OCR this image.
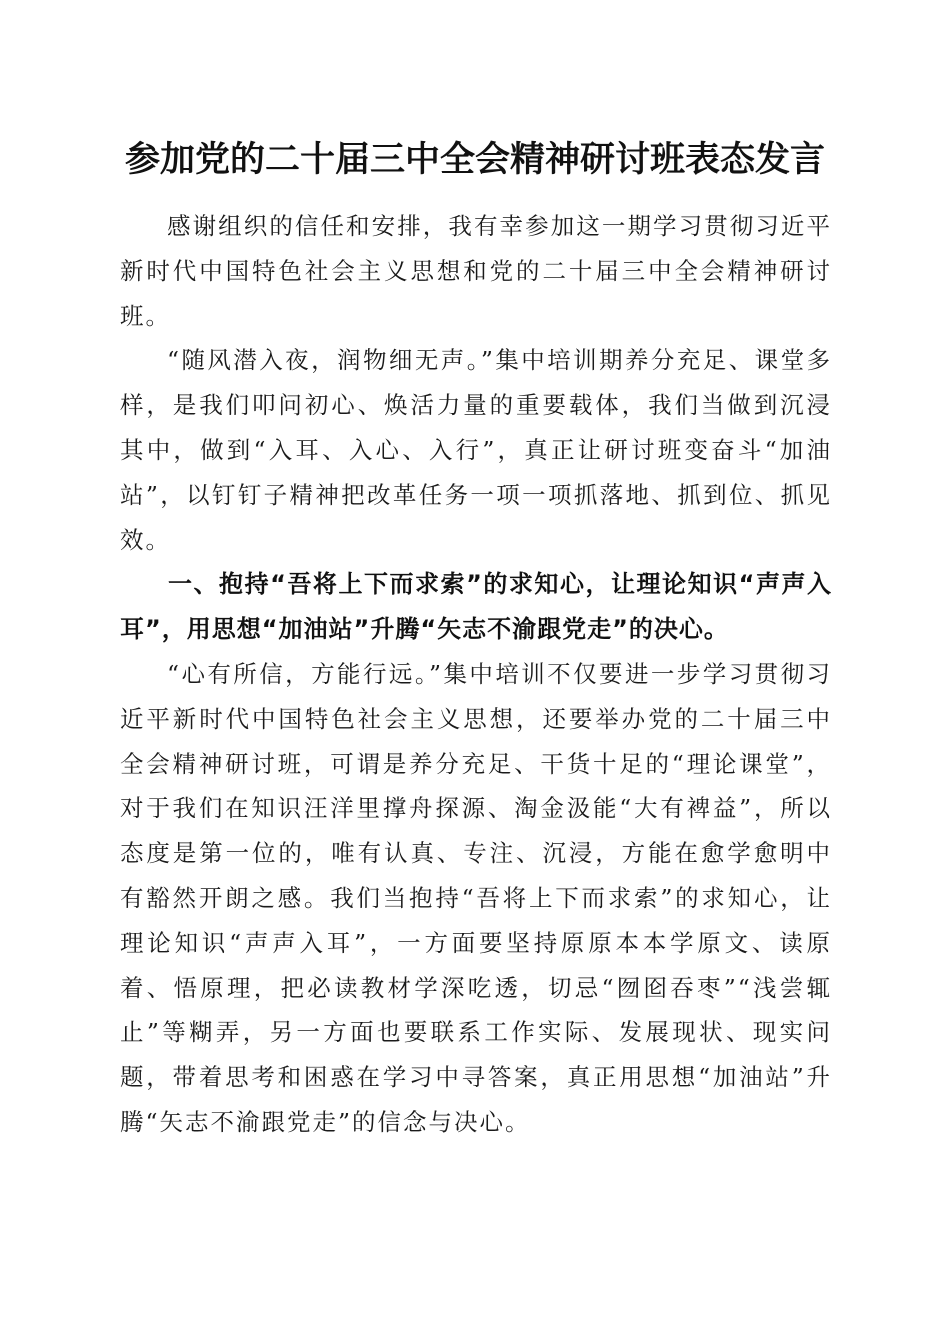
参加党的二十届三中全会精神研讨班表态发言

感谢组织的信任和安排，我有幸参加这一期学习贯彻习近平新时代中国特色社会主义思想和党的二十届三中全会精神研讨班。

“随风潜入夜，润物细无声。”集中培训期养分充足、课堂多样，是我们叩问初心、焕活力量的重要载体，我们当做到沉浸其中，做到“入耳、入心、入行”，真正让研讨班变奋斗“加油站”，以钉钉子精神把改革任务一项一项抓落地、抓到位、抓见效。

一、抱持“吾将上下而求索”的求知心，让理论知识“声声入耳”，用思想“加油站”升腾“矢志不渝跟党走”的决心。

“心有所信，方能行远。”集中培训不仅要进一步学习贯彻习近平新时代中国特色社会主义思想，还要举办党的二十届三中全会精神研讨班，可谓是养分充足、干货十足的“理论课堂”，对于我们在知识汪洋里撑舟探源、淘金汲能“大有裨益”，所以态度是第一位的，唯有认真、专注、沉浸，方能在愈学愈明中有豁然开朗之感。我们当抱持“吾将上下而求索”的求知心，让理论知识“声声入耳”，一方面要坚持原原本本学原文、读原着、悟原理，把必读教材学深吃透，切忌“囫囵吞枣”“浅尝辄止”等糊弄，另一方面也要联系工作实际、发展现状、现实问题，带着思考和困惑在学习中寻答案，真正用思想“加油站”升腾“矢志不渝跟党走”的信念与决心。
